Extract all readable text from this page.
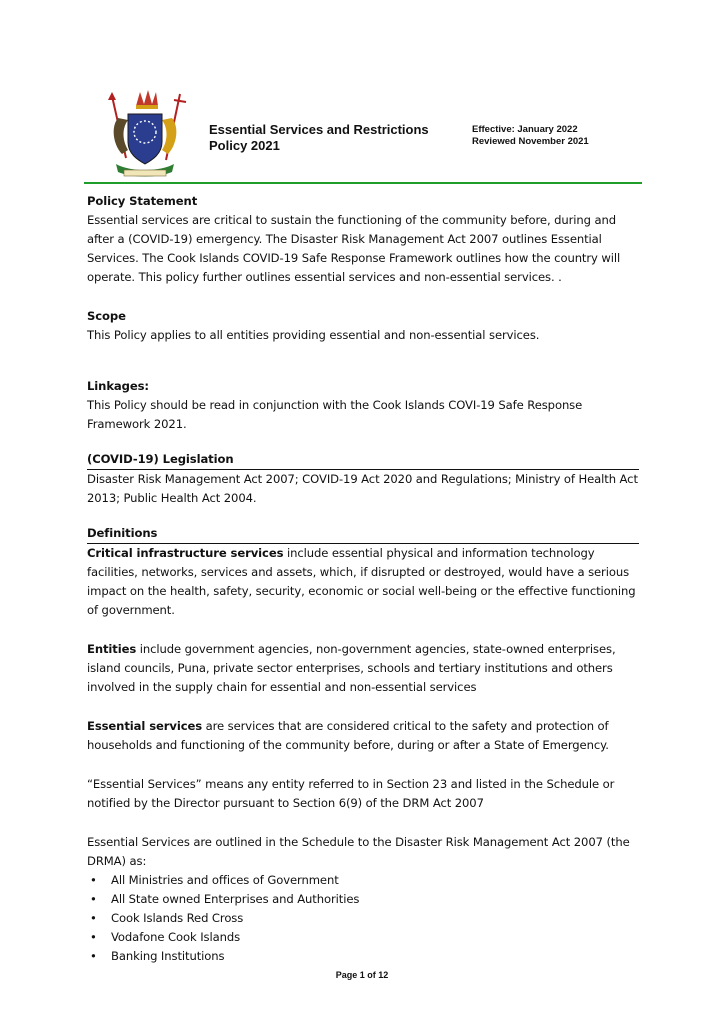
Essential Services and Restrictions
Policy 2021
Effective: January 2022
Reviewed November 2021

Policy Statement

Essential services are critical to sustain the functioning of the community before, during and after a (COVID-19) emergency. The Disaster Risk Management Act 2007 outlines Essential Services. The Cook Islands COVID-19 Safe Response Framework outlines how the country will operate. This policy further outlines essential services and non-essential services. .

Scope

This Policy applies to all entities providing essential and non-essential services.

Linkages:

This Policy should be read in conjunction with the Cook Islands COVI-19 Safe Response Framework 2021.

(COVID-19) Legislation

Disaster Risk Management Act 2007; COVID-19 Act 2020 and Regulations; Ministry of Health Act 2013; Public Health Act 2004.

Definitions

Critical infrastructure services include essential physical and information technology facilities, networks, services and assets, which, if disrupted or destroyed, would have a serious impact on the health, safety, security, economic or social well-being or the effective functioning of government.

Entities include government agencies, non-government agencies, state-owned enterprises, island councils, Puna, private sector enterprises, schools and tertiary institutions and others involved in the supply chain for essential and non-essential services

Essential services are services that are considered critical to the safety and protection of households and functioning of the community before, during or after a State of Emergency.

“Essential Services” means any entity referred to in Section 23 and listed in the Schedule or notified by the Director pursuant to Section 6(9) of the DRM Act 2007

Essential Services are outlined in the Schedule to the Disaster Risk Management Act 2007 (the DRMA) as:

• All Ministries and offices of Government
• All State owned Enterprises and Authorities
• Cook Islands Red Cross
• Vodafone Cook Islands
• Banking Institutions
Page 1 of 12
